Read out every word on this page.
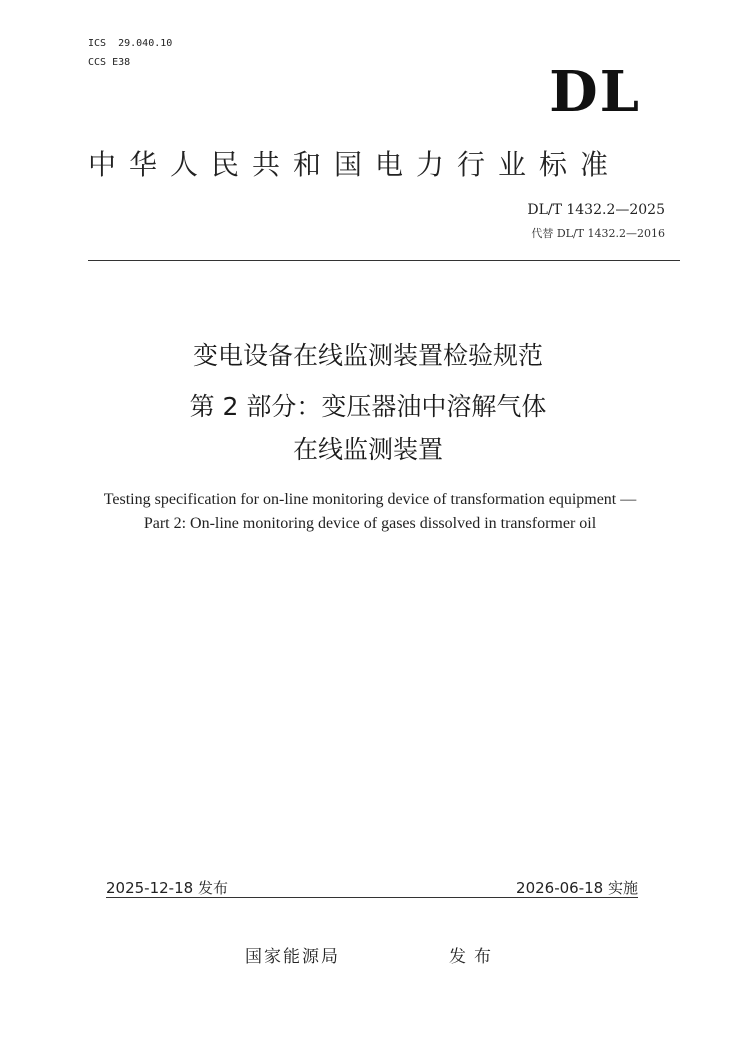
ICS  29.040.10
CCS E38	DL
中华人民共和国电力行业标准
DL/T 1432.2—2025
代替 DL/T 1432.2—2016
变电设备在线监测装置检验规范
第 2 部分：变压器油中溶解气体
在线监测装置
Testing specification for on-line monitoring device of transformation equipment —
Part 2: On-line monitoring device of gases dissolved in transformer oil
2025-12-18 发布	2026-06-18 实施
国家能源局	发布
